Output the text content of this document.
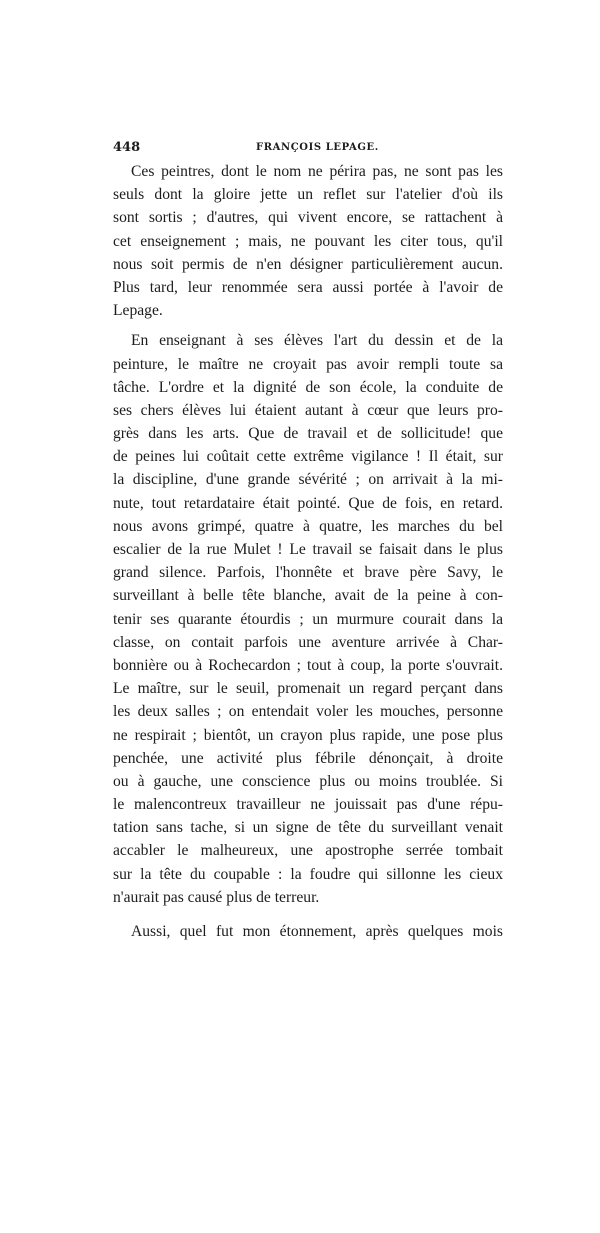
448	FRANÇOIS LEPAGE.

Ces peintres, dont le nom ne périra pas, ne sont pas les
seuls dont la gloire jette un reflet sur l'atelier d'où ils
sont sortis ; d'autres, qui vivent encore, se rattachent à
cet enseignement ; mais, ne pouvant les citer tous, qu'il
nous soit permis de n'en désigner particulièrement aucun.
Plus tard, leur renommée sera aussi portée à l'avoir de
Lepage.

En enseignant à ses élèves l'art du dessin et de la
peinture, le maître ne croyait pas avoir rempli toute sa
tâche. L'ordre et la dignité de son école, la conduite de
ses chers élèves lui étaient autant à cœur que leurs pro-
grès dans les arts. Que de travail et de sollicitude! que
de peines lui coûtait cette extrême vigilance ! Il était, sur
la discipline, d'une grande sévérité ; on arrivait à la mi-
nute, tout retardataire était pointé. Que de fois, en retard.
nous avons grimpé, quatre à quatre, les marches du bel
escalier de la rue Mulet ! Le travail se faisait dans le plus
grand silence. Parfois, l'honnête et brave père Savy, le
surveillant à belle tête blanche, avait de la peine à con-
tenir ses quarante étourdis ; un murmure courait dans la
classe, on contait parfois une aventure arrivée à Char-
bonnière ou à Rochecardon ; tout à coup, la porte s'ouvrait.
Le maître, sur le seuil, promenait un regard perçant dans
les deux salles ; on entendait voler les mouches, personne
ne respirait ; bientôt, un crayon plus rapide, une pose plus
penchée, une activité plus fébrile dénonçait, à droite
ou à gauche, une conscience plus ou moins troublée. Si
le malencontreux travailleur ne jouissait pas d'une répu-
tation sans tache, si un signe de tête du surveillant venait
accabler le malheureux, une apostrophe serrée tombait
sur la tête du coupable : la foudre qui sillonne les cieux
n'aurait pas causé plus de terreur.

Aussi, quel fut mon étonnement, après quelques mois
